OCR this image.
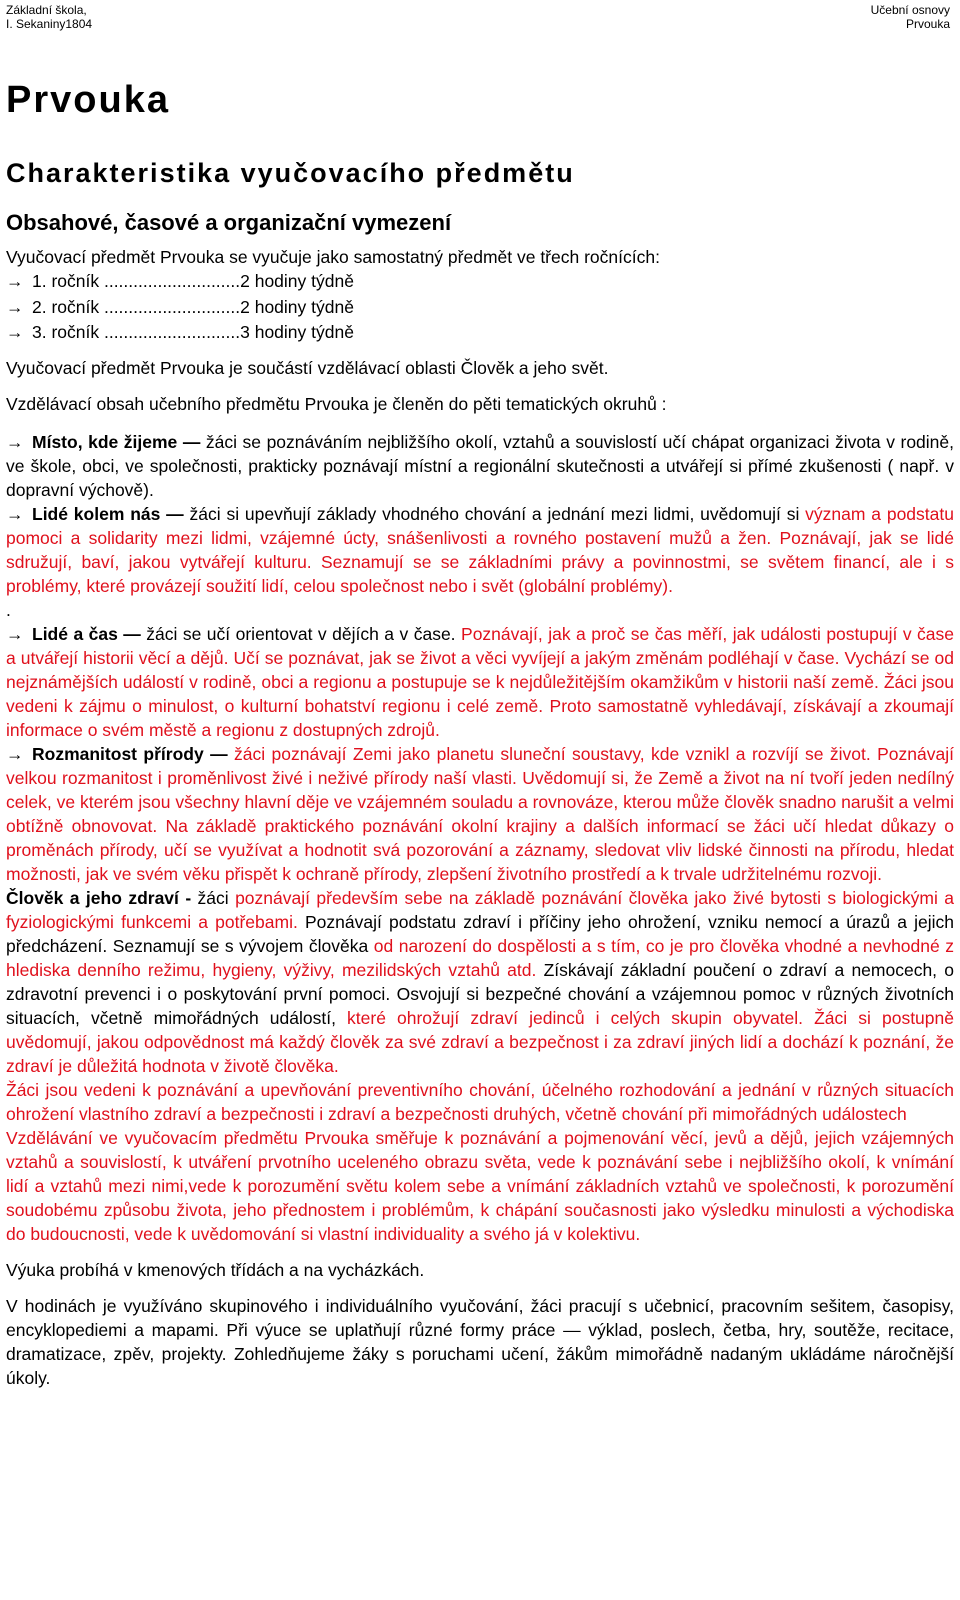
Základní škola,
I. Sekaniny1804
Učební osnovy
Prvouka
Prvouka
Charakteristika vyučovacího předmětu
Obsahové, časové a organizační vymezení

Vyučovací předmět Prvouka se vyučuje jako samostatný předmět ve třech ročnících:

→ 1. ročník ............................2 hodiny týdně
→ 2. ročník ............................2 hodiny týdně
→ 3. ročník ............................3 hodiny týdně

Vyučovací předmět Prvouka je součástí vzdělávací oblasti Člověk a jeho svět.

Vzdělávací obsah učebního předmětu Prvouka je členěn do pěti tematických okruhů :

→ Místo, kde žijeme — žáci se poznáváním nejbližšího okolí, vztahů a souvislostí učí chápat organizaci života v rodině, ve škole, obci, ve společnosti, prakticky poznávají místní a regionální skutečnosti a utvářejí si přímé zkušenosti ( např. v dopravní výchově).

→ Lidé kolem nás — žáci si upevňují základy vhodného chování a jednání mezi lidmi, uvědomují si význam a podstatu pomoci a solidarity mezi lidmi, vzájemné úcty, snášenlivosti a rovného postavení mužů a žen. Poznávají, jak se lidé sdružují, baví, jakou vytvářejí kulturu. Seznamují se se základními právy a povinnostmi, se světem financí, ale i s problémy, které provázejí soužití lidí, celou společnost nebo i svět (globální problémy).

.

→ Lidé a čas — žáci se učí orientovat v dějích a v čase. Poznávají, jak a proč se čas měří, jak události postupují v čase a utvářejí historii věcí a dějů. Učí se poznávat, jak se život a věci vyvíjejí a jakým změnám podléhají v čase. Vychází se od nejznámějších událostí v rodině, obci a regionu a postupuje se k nejdůležitějším okamžikům v historii naší země. Žáci jsou vedeni k zájmu o minulost, o kulturní bohatství regionu i celé země. Proto samostatně vyhledávají, získávají a zkoumají informace o svém městě a regionu z dostupných zdrojů.

→ Rozmanitost přírody — žáci poznávají Zemi jako planetu sluneční soustavy, kde vznikl a rozvíjí se život. Poznávají velkou rozmanitost i proměnlivost živé i neživé přírody naší vlasti. Uvědomují si, že Země a život na ní tvoří jeden nedílný celek, ve kterém jsou všechny hlavní děje ve vzájemném souladu a rovnováze, kterou může člověk snadno narušit a velmi obtížně obnovovat. Na základě praktického poznávání okolní krajiny a dalších informací se žáci učí hledat důkazy o proměnách přírody, učí se využívat a hodnotit svá pozorování a záznamy, sledovat vliv lidské činnosti na přírodu, hledat možnosti, jak ve svém věku přispět k ochraně přírody, zlepšení životního prostředí a k trvale udržitelnému rozvoji.

Člověk a jeho zdraví - žáci poznávají především sebe na základě poznávání člověka jako živé bytosti s biologickými a fyziologickými funkcemi a potřebami. Poznávají podstatu zdraví i příčiny jeho ohrožení, vzniku nemocí a úrazů a jejich předcházení. Seznamují se s vývojem člověka od narození do dospělosti a s tím, co je pro člověka vhodné a nevhodné z hlediska denního režimu, hygieny, výživy, mezilidských vztahů atd. Získávají základní poučení o zdraví a nemocech, o zdravotní prevenci i o poskytování první pomoci. Osvojují si bezpečné chování a vzájemnou pomoc v různých životních situacích, včetně mimořádných událostí, které ohrožují zdraví jedinců i celých skupin obyvatel. Žáci si postupně uvědomují, jakou odpovědnost má každý člověk za své zdraví a bezpečnost i za zdraví jiných lidí a dochází k poznání, že zdraví je důležitá hodnota v životě člověka.

Žáci jsou vedeni k poznávání a upevňování preventivního chování, účelného rozhodování a jednání v různých situacích ohrožení vlastního zdraví a bezpečnosti i zdraví a bezpečnosti druhých, včetně chování při mimořádných událostech

Vzdělávání ve vyučovacím předmětu Prvouka směřuje k poznávání a pojmenování věcí, jevů a dějů, jejich vzájemných vztahů a souvislostí, k utváření prvotního uceleného obrazu světa, vede k poznávání sebe i nejbližšího okolí, k vnímání lidí a vztahů mezi nimi,vede k porozumění světu kolem sebe a vnímání základních vztahů ve společnosti, k porozumění soudobému způsobu života, jeho přednostem i problémům, k chápání současnosti jako výsledku minulosti a východiska do budoucnosti, vede k uvědomování si vlastní individuality a svého já v kolektivu.

Výuka probíhá v kmenových třídách a na vycházkách.

V hodinách je využíváno skupinového i individuálního vyučování, žáci pracují s učebnicí, pracovním sešitem, časopisy, encyklopediemi a mapami. Při výuce se uplatňují různé formy práce — výklad, poslech, četba, hry, soutěže, recitace, dramatizace, zpěv, projekty. Zohledňujeme žáky s poruchami učení, žákům mimořádně nadaným ukládáme náročnější úkoly.
